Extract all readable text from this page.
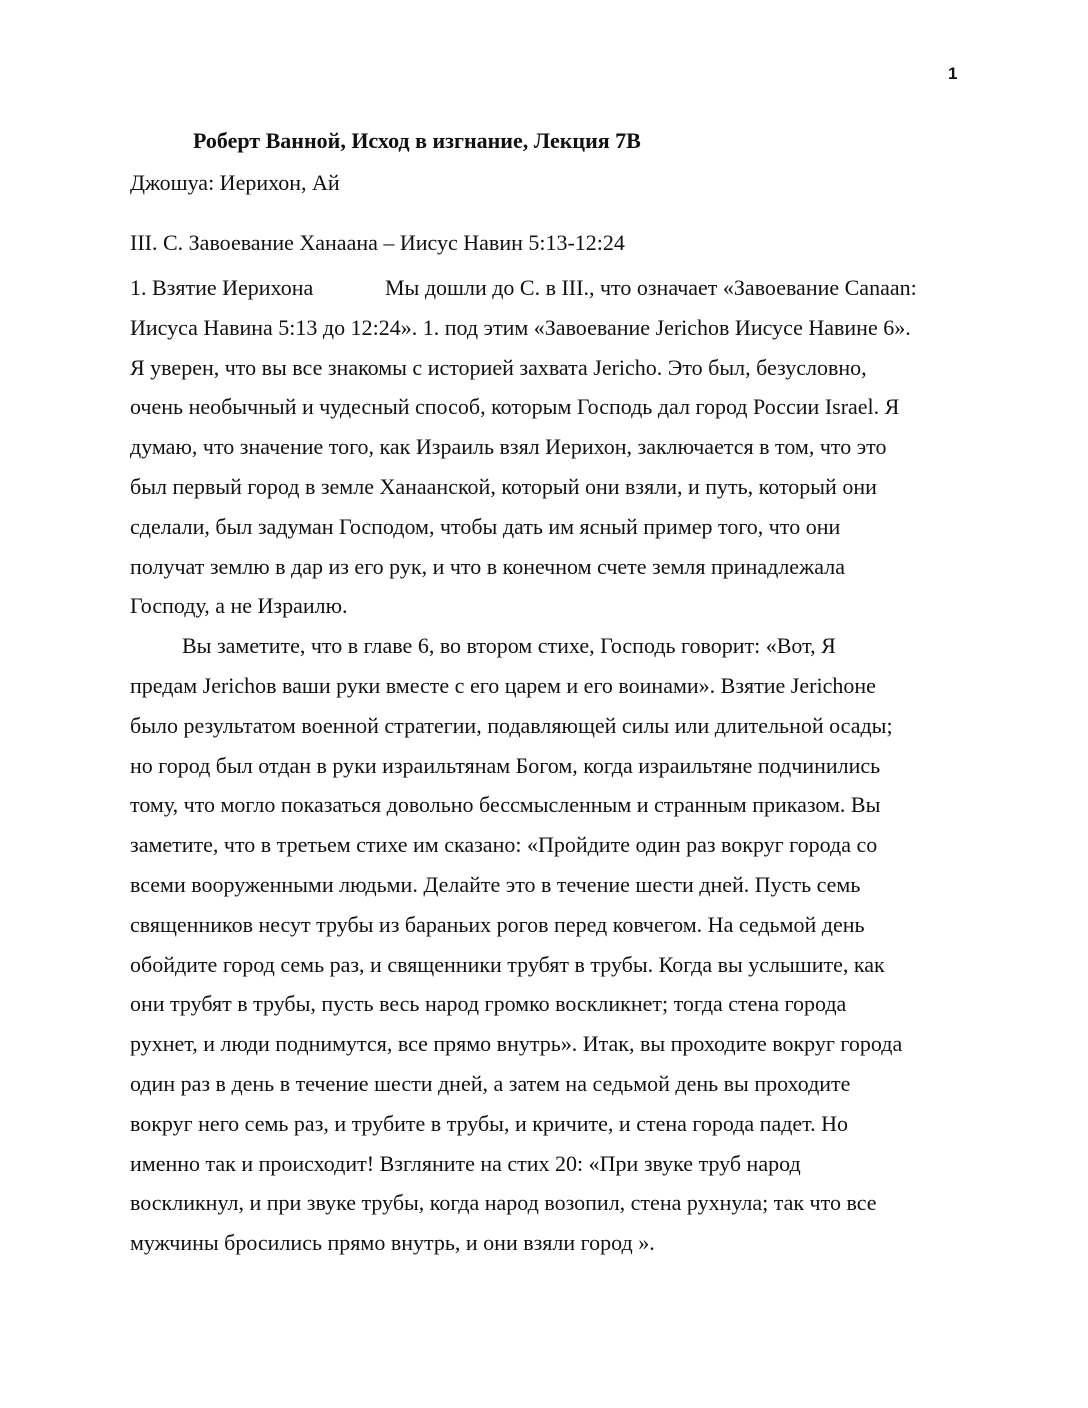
1
Роберт Ванной, Исход в изгнание, Лекция 7B
Джошуа: Иерихон, Ай
III. C. Завоевание Ханаана – Иисус Навин 5:13-12:24
1. Взятие Иерихона	Мы дошли до C. в III., что означает «Завоевание Canaan:
Иисуса Навина 5:13 до 12:24». 1. под этим «Завоевание Jerichoв Иисусе Навине 6».
Я уверен, что вы все знакомы с историей захвата Jericho. Это был, безусловно,
очень необычный и чудесный способ, которым Господь дал город России Israel. Я
думаю, что значение того, как Израиль взял Иерихон, заключается в том, что это
был первый город в земле Ханаанской, который они взяли, и путь, который они
сделали, был задуман Господом, чтобы дать им ясный пример того, что они
получат землю в дар из его рук, и что в конечном счете земля принадлежала
Господу, а не Израилю.
Вы заметите, что в главе 6, во втором стихе, Господь говорит: «Вот, Я
предам Jerichoв ваши руки вместе с его царем и его воинами». Взятие Jerichoне
было результатом военной стратегии, подавляющей силы или длительной осады;
но город был отдан в руки израильтянам Богом, когда израильтяне подчинились
тому, что могло показаться довольно бессмысленным и странным приказом. Вы
заметите, что в третьем стихе им сказано: «Пройдите один раз вокруг города со
всеми вооруженными людьми. Делайте это в течение шести дней. Пусть семь
священников несут трубы из бараньих рогов перед ковчегом. На седьмой день
обойдите город семь раз, и священники трубят в трубы. Когда вы услышите, как
они трубят в трубы, пусть весь народ громко воскликнет; тогда стена города
рухнет, и люди поднимутся, все прямо внутрь». Итак, вы проходите вокруг города
один раз в день в течение шести дней, а затем на седьмой день вы проходите
вокруг него семь раз, и трубите в трубы, и кричите, и стена города падет. Но
именно так и происходит! Взгляните на стих 20: «При звуке труб народ
воскликнул, и при звуке трубы, когда народ возопил, стена рухнула; так что все
мужчины бросились прямо внутрь, и они взяли город ».
